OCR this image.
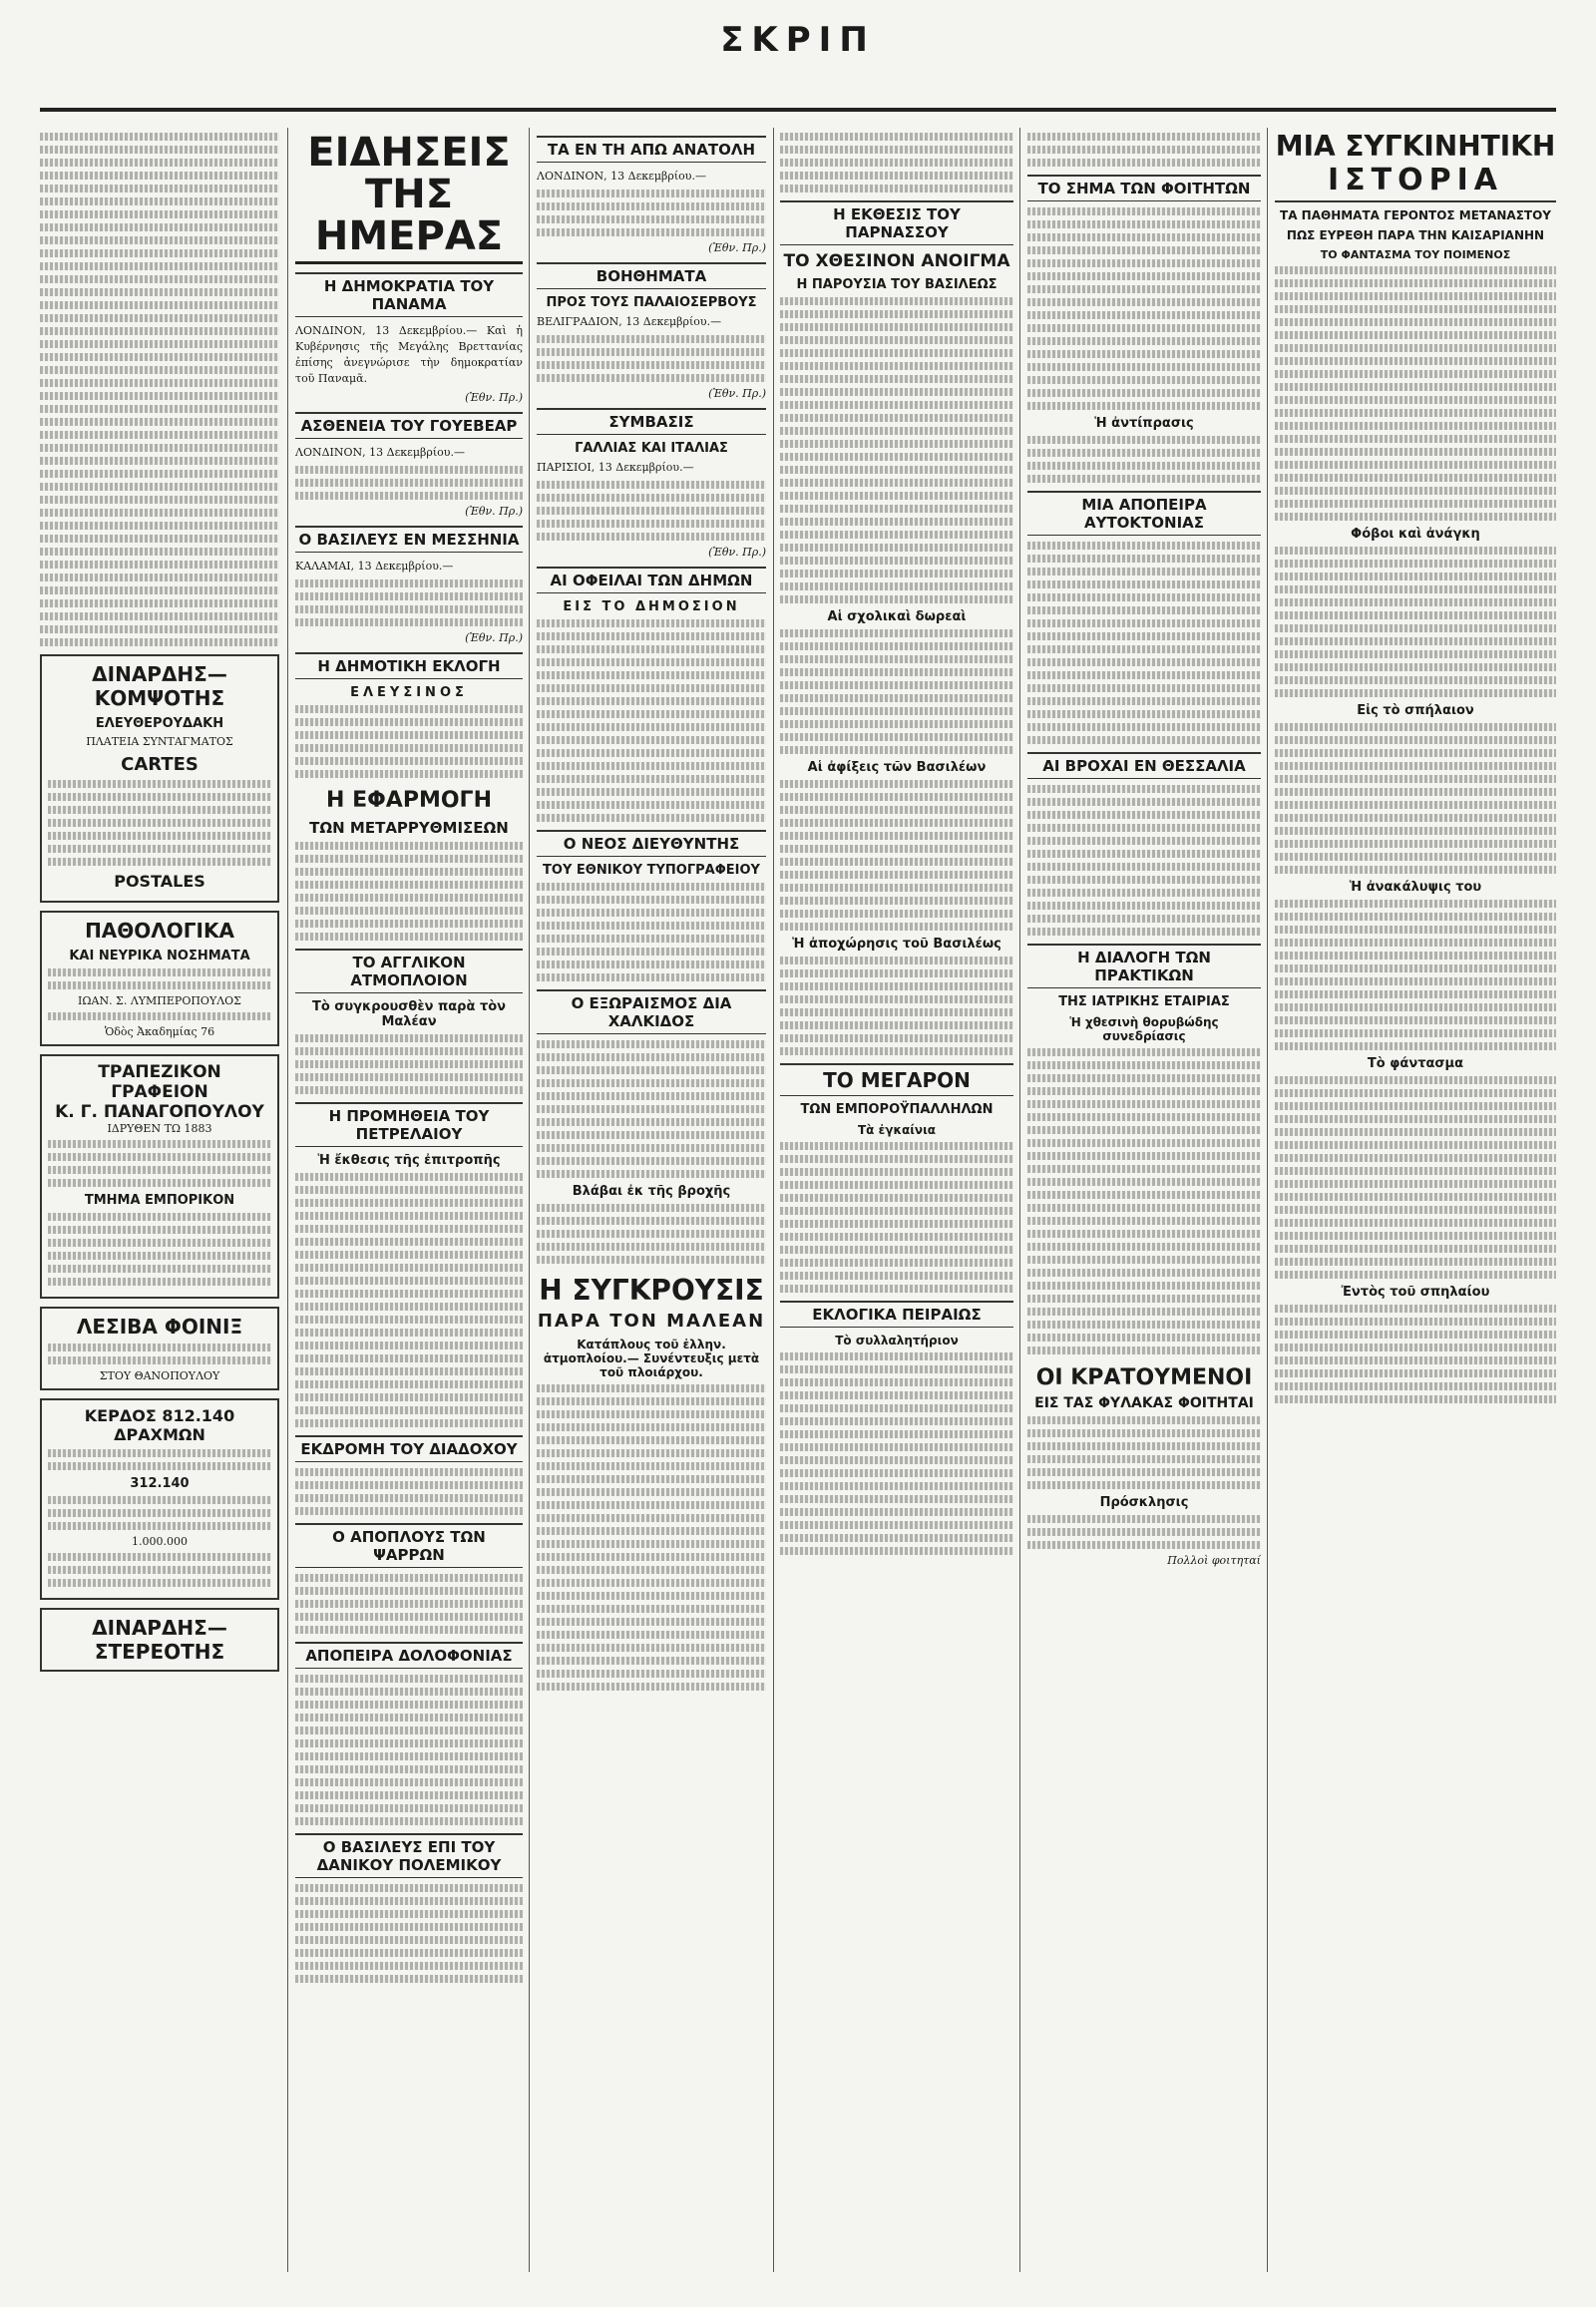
ΣΚΡΙΠ
ΔΙΝΑΡΔΗΣ—ΚΟΜΨΟΤΗΣ
ΕΛΕΥΘΕΡΟΥΔΑΚΗ
ΠΛΑΤΕΙΑ ΣΥΝΤΑΓΜΑΤΟΣ
CARTES
POSTALES
ΠΑΘΟΛΟΓΙΚΑ
ΚΑΙ ΝΕΥΡΙΚΑ ΝΟΣΗΜΑΤΑ
ΙΩΑΝ. Σ. ΛΥΜΠΕΡΟΠΟΥΛΟΣ
Ὁδὸς Ἀκαδημίας 76
ΤΡΑΠΕΖΙΚΟΝ ΓΡΑΦΕΙΟΝ
Κ. Γ. ΠΑΝΑΓΟΠΟΥΛΟΥ
ΙΔΡΥΘΕΝ ΤΩ 1883
ΤΜΗΜΑ ΕΜΠΟΡΙΚΟΝ
ΛΕΣΙΒΑ ΦΟΙΝΙΞ
ΣΤΟΥ ΘΑΝΟΠΟΥΛΟΥ
ΚΕΡΔΟΣ 812.140 ΔΡΑΧΜΩΝ
312.140
1.000.000
ΔΙΝΑΡΔΗΣ—ΣΤΕΡΕΟΤΗΣ
ΕΙΔΗΣΕΙΣ ΤΗΣ ΗΜΕΡΑΣ
Η ΔΗΜΟΚΡΑΤΙΑ ΤΟΥ ΠΑΝΑΜΑ
ΛΟΝΔΙΝΟΝ, 13 Δεκεμβρίου.— Καὶ ἡ Κυβέρνησις τῆς Μεγάλης Βρεττανίας ἐπίσης ἀνεγνώρισε τὴν δημοκρατίαν τοῦ Παναμᾶ.
(Ἐθν. Πρ.)
ΑΣΘΕΝΕΙΑ ΤΟΥ ΓΟΥΕΒΕΑΡ
ΛΟΝΔΙΝΟΝ, 13 Δεκεμβρίου.—
(Ἐθν. Πρ.)
Ο ΒΑΣΙΛΕΥΣ ΕΝ ΜΕΣΣΗΝΙΑ
ΚΑΛΑΜΑΙ, 13 Δεκεμβρίου.—
(Ἐθν. Πρ.)
Η ΔΗΜΟΤΙΚΗ ΕΚΛΟΓΗ
ΕΛΕΥΣΙΝΟΣ
Η ΕΦΑΡΜΟΓΗ
ΤΩΝ ΜΕΤΑΡΡΥΘΜΙΣΕΩΝ
ΤΟ ΑΓΓΛΙΚΟΝ ΑΤΜΟΠΛΟΙΟΝ
Τὸ συγκρουσθὲν παρὰ τὸν Μαλέαν
Η ΠΡΟΜΗΘΕΙΑ ΤΟΥ ΠΕΤΡΕΛΑΙΟΥ
Ἡ ἔκθεσις τῆς ἐπιτροπῆς
ΕΚΔΡΟΜΗ ΤΟΥ ΔΙΑΔΟΧΟΥ
Ο ΑΠΟΠΛΟΥΣ ΤΩΝ ΨΑΡΡΩΝ
ΑΠΟΠΕΙΡΑ ΔΟΛΟΦΟΝΙΑΣ
Ο ΒΑΣΙΛΕΥΣ ΕΠΙ ΤΟΥ ΔΑΝΙΚΟΥ ΠΟΛΕΜΙΚΟΥ
ΤΑ ΕΝ ΤΗ ΑΠΩ ΑΝΑΤΟΛΗ
ΛΟΝΔΙΝΟΝ, 13 Δεκεμβρίου.—
(Ἐθν. Πρ.)
ΒΟΗΘΗΜΑΤΑ
ΠΡΟΣ ΤΟΥΣ ΠΑΛΑΙΟΣΕΡΒΟΥΣ
ΒΕΛΙΓΡΑΔΙΟΝ, 13 Δεκεμβρίου.—
(Ἐθν. Πρ.)
ΣΥΜΒΑΣΙΣ
ΓΑΛΛΙΑΣ ΚΑΙ ΙΤΑΛΙΑΣ
ΠΑΡΙΣΙΟΙ, 13 Δεκεμβρίου.—
(Ἐθν. Πρ.)
ΑΙ ΟΦΕΙΛΑΙ ΤΩΝ ΔΗΜΩΝ
ΕΙΣ ΤΟ ΔΗΜΟΣΙΟΝ
Ο ΝΕΟΣ ΔΙΕΥΘΥΝΤΗΣ
ΤΟΥ ΕΘΝΙΚΟΥ ΤΥΠΟΓΡΑΦΕΙΟΥ
Ο ΕΞΩΡΑΙΣΜΟΣ ΔΙΑ ΧΑΛΚΙΔΟΣ
Βλάβαι ἐκ τῆς βροχῆς
Η ΣΥΓΚΡΟΥΣΙΣ
ΠΑΡΑ ΤΟΝ ΜΑΛΕΑΝ
Κατάπλους τοῦ ἐλλην. ἀτμοπλοίου.— Συνέντευξις μετὰ τοῦ πλοιάρχου.
Η ΕΚΘΕΣΙΣ ΤΟΥ ΠΑΡΝΑΣΣΟΥ
ΤΟ ΧΘΕΣΙΝΟΝ ΑΝΟΙΓΜΑ
Η ΠΑΡΟΥΣΙΑ ΤΟΥ ΒΑΣΙΛΕΩΣ
Αἱ σχολικαὶ δωρεαὶ
Αἱ ἀφίξεις τῶν Βασιλέων
Ἡ ἀποχώρησις τοῦ Βασιλέως
ΤΟ ΜΕΓΑΡΟΝ
ΤΩΝ ΕΜΠΟΡΟΫΠΑΛΛΗΛΩΝ
Τὰ ἐγκαίνια
ΕΚΛΟΓΙΚΑ ΠΕΙΡΑΙΩΣ
Τὸ συλλαλητήριον
ΤΟ ΣΗΜΑ ΤΩΝ ΦΟΙΤΗΤΩΝ
Ἡ ἀντίπρασις
ΜΙΑ ΑΠΟΠΕΙΡΑ ΑΥΤΟΚΤΟΝΙΑΣ
ΑΙ ΒΡΟΧΑΙ ΕΝ ΘΕΣΣΑΛΙΑ
Η ΔΙΑΛΟΓΗ ΤΩΝ ΠΡΑΚΤΙΚΩΝ
ΤΗΣ ΙΑΤΡΙΚΗΣ ΕΤΑΙΡΙΑΣ
Ἡ χθεσινὴ θορυβώδης συνεδρίασις
ΟΙ ΚΡΑΤΟΥΜΕΝΟΙ
ΕΙΣ ΤΑΣ ΦΥΛΑΚΑΣ ΦΟΙΤΗΤΑΙ
Πρόσκλησις
Πολλοὶ φοιτηταί
ΜΙΑ ΣΥΓΚΙΝΗΤΙΚΗ
ΙΣΤΟΡΙΑ
ΤΑ ΠΑΘΗΜΑΤΑ ΓΕΡΟΝΤΟΣ ΜΕΤΑΝΑΣΤΟΥ
ΠΩΣ ΕΥΡΕΘΗ ΠΑΡΑ ΤΗΝ ΚΑΙΣΑΡΙΑΝΗΝ
ΤΟ ΦΑΝΤΑΣΜΑ ΤΟΥ ΠΟΙΜΕΝΟΣ
Φόβοι καὶ ἀνάγκη
Εἰς τὸ σπήλαιον
Ἡ ἀνακάλυψις του
Τὸ φάντασμα
Ἐντὸς τοῦ σπηλαίου
